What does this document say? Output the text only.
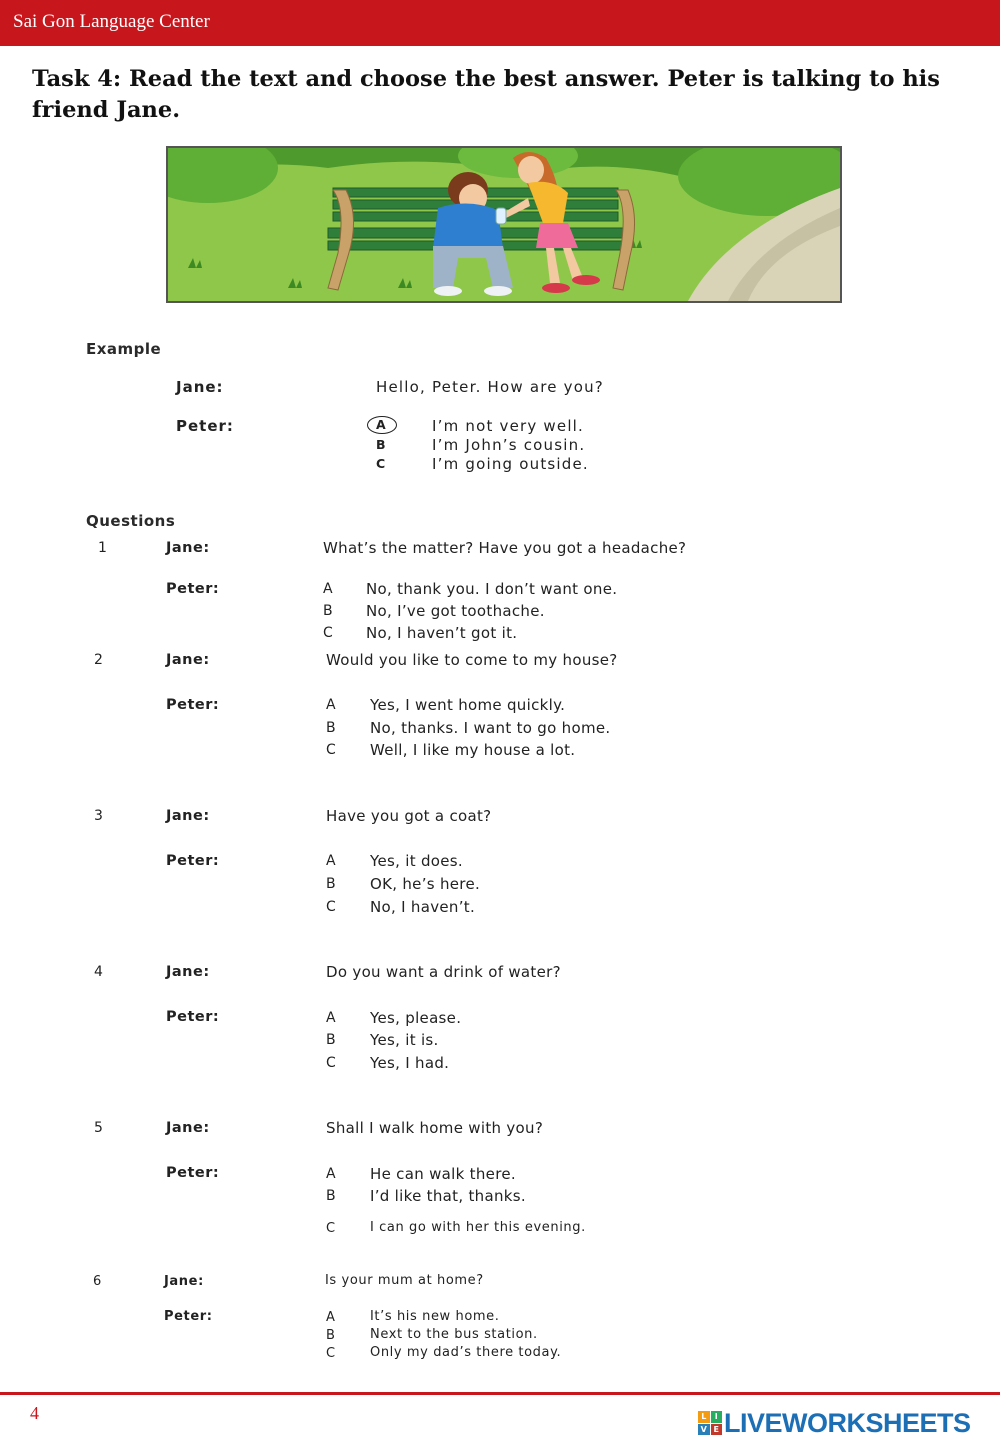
Sai Gon Language Center
Task 4: Read the text and choose the best answer. Peter is talking to his friend Jane.
Example
Jane:	Hello, Peter. How are you?
Peter:	A	I’m not very well.
B	I’m John’s cousin.
C	I’m going outside.
Questions
1	Jane:	What’s the matter? Have you got a headache?
Peter:	A No, thank you. I don’t want one.
B No, I’ve got toothache.
C No, I haven’t got it.
2	Jane:	Would you like to come to my house?
Peter:	A Yes, I went home quickly.
B No, thanks. I want to go home.
C Well, I like my house a lot.
3	Jane:	Have you got a coat?
Peter:	A Yes, it does.
B OK, he’s here.
C No, I haven’t.
4	Jane:	Do you want a drink of water?
Peter:	A Yes, please.
B Yes, it is.
C Yes, I had.
5	Jane:	Shall I walk home with you?
Peter:	A He can walk there.
B I’d like that, thanks.
C	I can go with her this evening.
6	Jane:	Is your mum at home?
Peter:	A	It’s his new home.
B	Next to the bus station.
C	Only my dad’s there today.
4	L	I
V E LIVEWORKSHEETS
